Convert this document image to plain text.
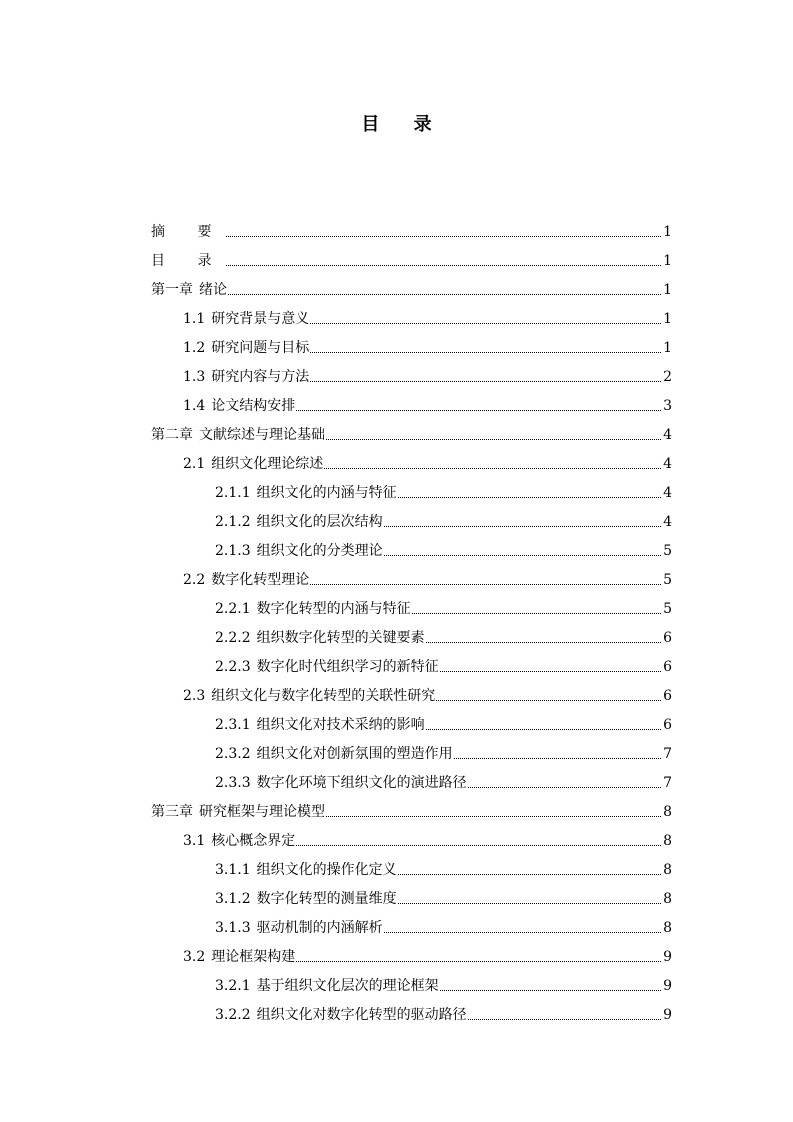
目 录
摘 要	1
目 录	1
第一章 绪论	1
1.1 研究背景与意义	1
1.2 研究问题与目标	1
1.3 研究内容与方法	2
1.4 论文结构安排	3
第二章 文献综述与理论基础	4
2.1 组织文化理论综述	4
2.1.1 组织文化的内涵与特征	4
2.1.2 组织文化的层次结构	4
2.1.3 组织文化的分类理论	5
2.2 数字化转型理论	5
2.2.1 数字化转型的内涵与特征	5
2.2.2 组织数字化转型的关键要素	6
2.2.3 数字化时代组织学习的新特征	6
2.3 组织文化与数字化转型的关联性研究	6
2.3.1 组织文化对技术采纳的影响	6
2.3.2 组织文化对创新氛围的塑造作用	7
2.3.3 数字化环境下组织文化的演进路径	7
第三章 研究框架与理论模型	8
3.1 核心概念界定	8
3.1.1 组织文化的操作化定义	8
3.1.2 数字化转型的测量维度	8
3.1.3 驱动机制的内涵解析	8
3.2 理论框架构建	9
3.2.1 基于组织文化层次的理论框架	9
3.2.2 组织文化对数字化转型的驱动路径	9
